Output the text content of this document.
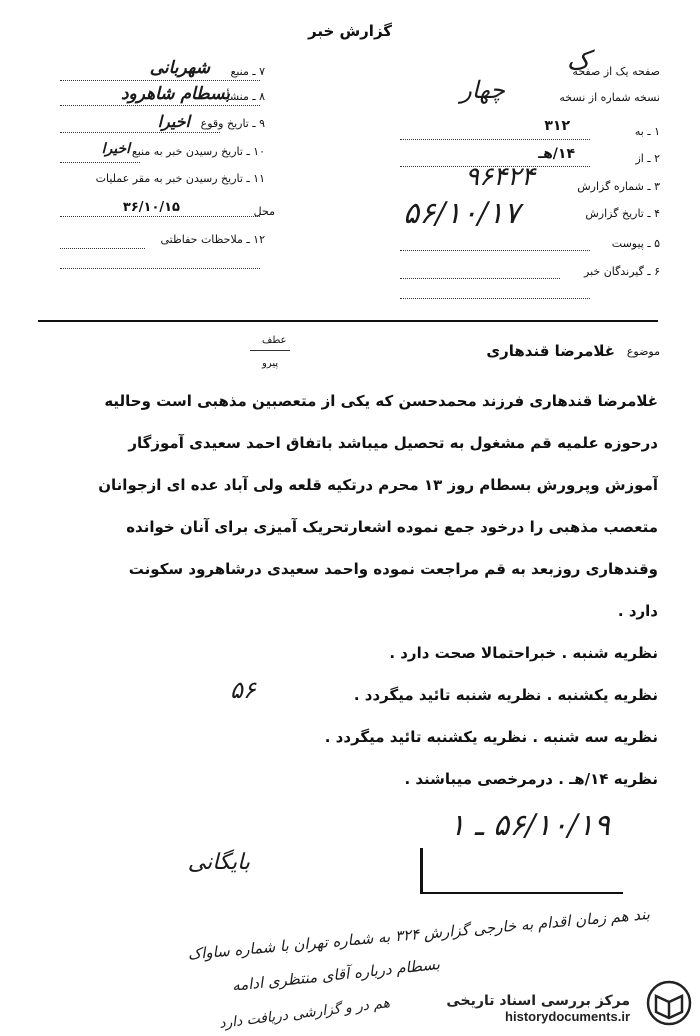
گزارش خبر
۷ ـ منبع
شهربانی
۸ ـ منشأ
بسطام شاهرود
۹ ـ تاریخ وقوع
اخیرا
۱۰ ـ تاریخ رسیدن خبر به منبع
اخیرا
۱۱ ـ تاریخ رسیدن خبر به مقر عملیات
محل
۳۶/۱۰/۱۵
۱۲ ـ ملاحظات حفاظتی
صفحه یک از صفحه
نسخه شماره از نسخه
ک
چهار
۱ ـ به
۳۱۲
۲ ـ از
۱۴/هـ
۳ ـ شماره گزارش
۹۶۴۲۴
۴ ـ تاریخ گزارش
۵۶/۱۰/۱۷
۵ ـ پیوست
۶ ـ گیرندگان خبر
عطف
پیرو
موضوع
غلامرضا قندهاری
غلامرضا قندهاری فرزند محمدحسن که یکی از متعصبین مذهبی است وحالیه
درحوزه علمیه قم مشغول به تحصیل میباشد باتفاق احمد سعیدی آموزگار
آموزش وپرورش بسطام روز ۱۳ محرم درتکیه قلعه ولی آباد عده ای ازجوانان
متعصب مذهبی را درخود جمع نموده اشعارتحریک آمیزی برای آنان خوانده
وقندهاری روزبعد به قم مراجعت نموده واحمد سعیدی درشاهرود سکونت
دارد .
نظریه شنبه . خبراحتمالا صحت دارد .
نظریه یکشنبه . نظریه شنبه تائید میگردد .
۵۶
نظریه سه شنبه . نظریه یکشنبه تائید میگردد .
نظریه ۱۴/هـ . درمرخصی میباشند .
۵۶/۱۰/۱۹ ـ ۱
بایگانی
بند هم زمان اقدام به خارجی گزارش ۳۲۴ به شماره تهران با شماره ساواک
بسطام درباره آقای منتظری ادامه
هم در و گزارشی دریافت دارد	مرکز بررسی اسناد تاریخی
historydocuments.ir
